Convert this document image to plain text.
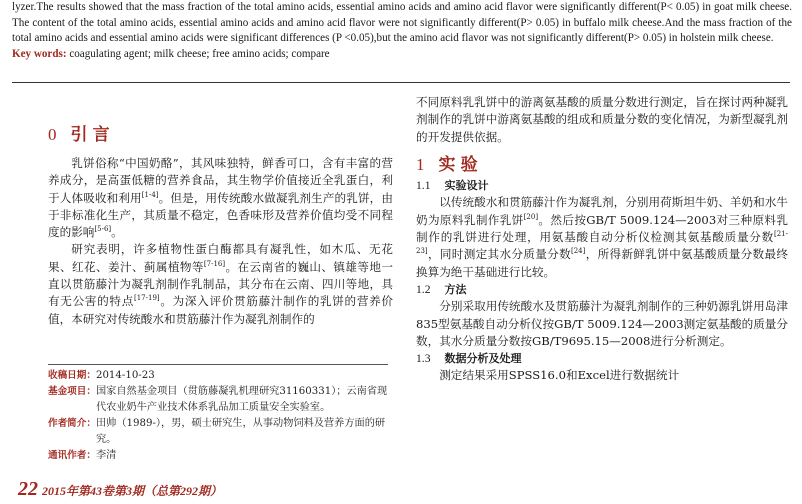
lyzer.The results showed that the mass fraction of the total amino acids, essential amino acids and amino acid flavor were significantly different(P< 0.05) in goat milk cheese. The content of the total amino acids, essential amino acids and amino acid flavor were not significantly different(P> 0.05) in buffalo milk cheese.And the mass fraction of the total amino acids and essential amino acids were significant differences (P <0.05),but the amino acid flavor was not significantly different(P> 0.05) in holstein milk cheese.

Key words: coagulating agent; milk cheese; free amino acids; compare

0 引言

乳饼俗称“中国奶酪”，其风味独特，鲜香可口，含有丰富的营养成分，是高蛋低糖的营养食品，其生物学价值接近全乳蛋白，利于人体吸收和利用[1-4]。但是，用传统酸水做凝乳剂生产的乳饼，由于非标准化生产，其质量不稳定，色香味形及营养价值均受不同程度的影响[5-6]。

研究表明，许多植物性蛋白酶都具有凝乳性，如木瓜、无花果、红花、姜汁、蓟属植物等[7-16]。在云南省的巍山、镇雄等地一直以贯筋藤汁为凝乳剂制作乳制品，其分布在云南、四川等地，具有无公害的特点[17-19]。为深入评价贯筋藤汁制作的乳饼的营养价值，本研究对传统酸水和贯筋藤汁作为凝乳剂制作的

收稿日期： 2014-10-23
基金项目： 国家自然基金项目（贯筋藤凝乳机理研究31160331）；云南省现代农业奶牛产业技术体系乳品加工质量安全实验室。
作者简介： 田帅（1989-），男，硕士研究生，从事动物饲料及营养方面的研究。
通讯作者： 李清

不同原料乳乳饼中的游离氨基酸的质量分数进行测定，旨在探讨两种凝乳剂制作的乳饼中游离氨基酸的组成和质量分数的变化情况，为新型凝乳剂的开发提供依据。

1 实验
1.1 实验设计

以传统酸水和贯筋藤汁作为凝乳剂，分别用荷斯坦牛奶、羊奶和水牛奶为原料乳制作乳饼[20]。然后按GB/T 5009.124—2003对三种原料乳制作的乳饼进行处理，用氨基酸自动分析仪检测其氨基酸质量分数[21-23]，同时测定其水分质量分数[24]，所得新鲜乳饼中氨基酸质量分数最终换算为绝干基础进行比较。

1.2 方法

分别采取用传统酸水及贯筋藤汁为凝乳剂制作的三种奶源乳饼用岛津835型氨基酸自动分析仪按GB/T 5009.124—2003测定氨基酸的质量分数，其水分质量分数按GB/T9695.15—2008进行分析测定。

1.3 数据分析及处理

测定结果采用SPSS16.0和Excel进行数据统计

22 2015年第43卷第3期（总第292期）
